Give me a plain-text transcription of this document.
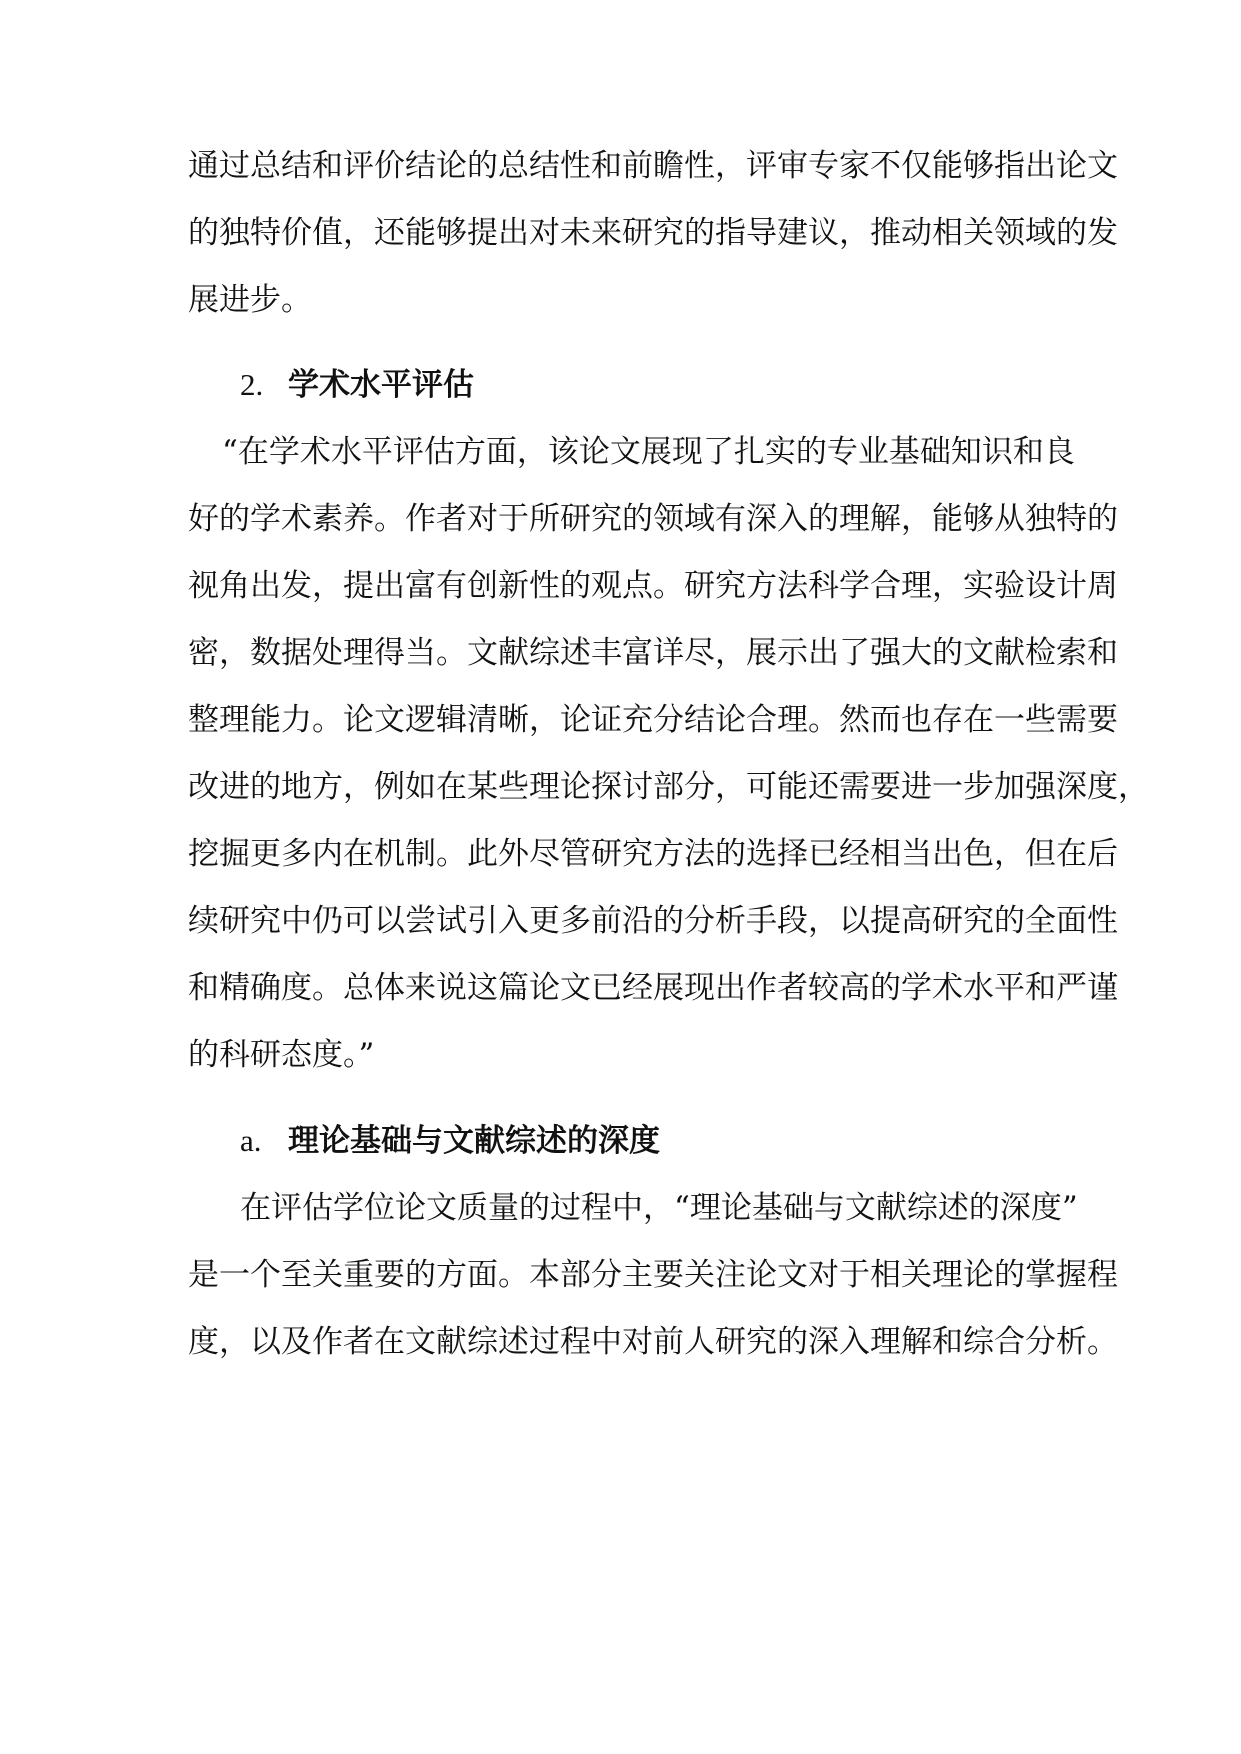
通过总结和评价结论的总结性和前瞻性，评审专家不仅能够指出论文
的独特价值，还能够提出对未来研究的指导建议，推动相关领域的发
展进步。
2. 学术水平评估
“在学术水平评估方面，该论文展现了扎实的专业基础知识和良
好的学术素养。作者对于所研究的领域有深入的理解，能够从独特的
视角出发，提出富有创新性的观点。研究方法科学合理，实验设计周
密，数据处理得当。文献综述丰富详尽，展示出了强大的文献检索和
整理能力。论文逻辑清晰，论证充分结论合理。然而也存在一些需要
改进的地方，例如在某些理论探讨部分，可能还需要进一步加强深度，
挖掘更多内在机制。此外尽管研究方法的选择已经相当出色，但在后
续研究中仍可以尝试引入更多前沿的分析手段，以提高研究的全面性
和精确度。总体来说这篇论文已经展现出作者较高的学术水平和严谨
的科研态度。”
a. 理论基础与文献综述的深度
在评估学位论文质量的过程中，“理论基础与文献综述的深度”
是一个至关重要的方面。本部分主要关注论文对于相关理论的掌握程
度，以及作者在文献综述过程中对前人研究的深入理解和综合分析。
